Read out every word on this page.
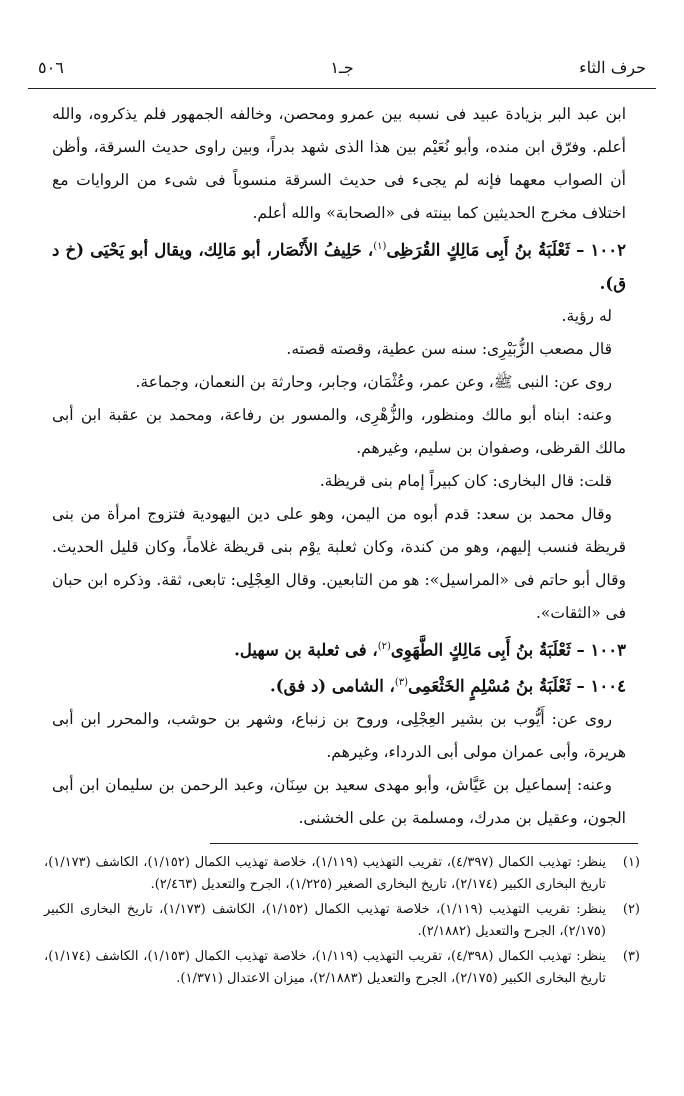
٥٠٦	جـ١	حرف الثاء

ابن عبد البر بزيادة عبيد فى نسبه بين عمرو ومحصن، وخالفه الجمهور فلم يذكروه، والله أعلم. وفرّق ابن منده، وأبو نُعَيْم بين هذا الذى شهد بدراً، وبين راوى حديث السرقة، وأظن أن الصواب معهما فإنه لم يجىء فى حديث السرقة منسوباً فى شىء من الروايات مع اختلاف مخرج الحديثين كما بينته فى «الصحابة» والله أعلم.

١٠٠٢ – ثَعْلَبَةُ بنُ أَبِى مَالِكٍ القُرَظِى$^{(١)}$، حَلِيفُ الأَنْصَار، أبو مَالِك، ويقال أبو يَحْيَى (خ د ق).

له رؤية.

قال مصعب الزُّبَيْرِى: سنه سن عطية، وقصته قصته.

روى عن: النبى ﷺ، وعن عمر، وعُثْمَان، وجابر، وحارثة بن النعمان، وجماعة.

وعنه: ابناه أبو مالك ومنظور، والزُّهْرِى، والمسور بن رفاعة، ومحمد بن عقبة ابن أبى مالك القرظى، وصفوان بن سليم، وغيرهم.

قلت: قال البخارى: كان كبيراً إمام بنى قريظة.

وقال محمد بن سعد: قدم أبوه من اليمن، وهو على دين اليهودية فتزوج امرأة من بنى قريظة فنسب إليهم، وهو من كندة، وكان ثعلبة يوْم بنى قريظة غلاماً، وكان قليل الحديث. وقال أبو حاتم فى «المراسيل»: هو من التابعين. وقال العِجْلِى: تابعى، ثقة. وذكره ابن حبان فى «الثقات».

١٠٠٣ – ثَعْلَبَةُ بنُ أَبِى مَالِكٍ الطَّهَوِى$^{(٢)}$، فى ثعلبة بن سهيل.

١٠٠٤ – ثَعْلَبَةُ بنُ مُسْلِمٍ الخَثْعَمِى$^{(٣)}$، الشامى (د فق).

روى عن: أَيُّوب بن بشير العِجْلِى، وروح بن زنباع، وشهر بن حوشب، والمحرر ابن أبى هريرة، وأبى عمران مولى أبى الدرداء، وغيرهم.

وعنه: إسماعيل بن عَيَّاش، وأبو مهدى سعيد بن سِنَان، وعبد الرحمن بن سليمان ابن أبى الجون، وعقيل بن مدرك، ومسلمة بن على الخشنى.

(١)
ينظر: تهذيب الكمال (٤/٣٩٧)، تقريب التهذيب (١/١١٩)، خلاصة تهذيب الكمال (١/١٥٢)، الكاشف (١/١٧٣)، تاريخ البخارى الكبير (٢/١٧٤)، تاريخ البخارى الصغير (١/٢٢٥)، الجرح والتعديل (٢/٤٦٣).
(٢)
ينظر: تقريب التهذيب (١/١١٩)، خلاصة تهذيب الكمال (١/١٥٢)، الكاشف (١/١٧٣)، تاريخ البخارى الكبير (٢/١٧٥)، الجرح والتعديل (٢/١٨٨٢).
(٣)
ينظر: تهذيب الكمال (٤/٣٩٨)، تقريب التهذيب (١/١١٩)، خلاصة تهذيب الكمال (١/١٥٣)، الكاشف (١/١٧٤)، تاريخ البخارى الكبير (٢/١٧٥)، الجرح والتعديل (٢/١٨٨٣)، ميزان الاعتدال (١/٣٧١).
